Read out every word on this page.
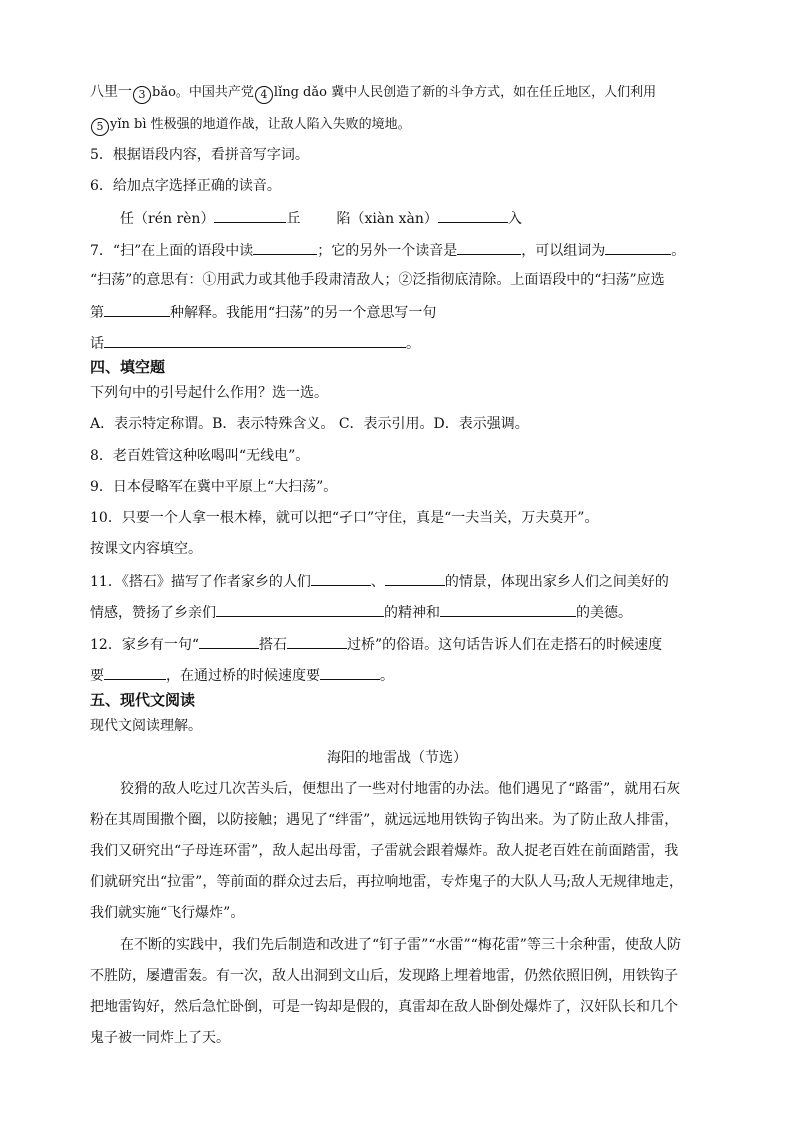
八里一 3 bǎo。中国共产党 4 lǐng dǎo 冀中人民创造了新的斗争方式，如在任丘地区，人们利用
5 yǐn bì 性极强的地道作战，让敌人陷入失败的境地。
5．根据语段内容，看拼音写字词。
6．给加点字选择正确的读音。
任（rén rèn）	丘	陷（xiàn xàn）	入
7．“扫”在上面的语段中读	；它的另外一个读音是	，可以组词为	。
“扫荡”的意思有：①用武力或其他手段肃清敌人；②泛指彻底清除。上面语段中的“扫荡”应选
第	种解释。我能用“扫荡”的另一个意思写一句
话	。
四、填空题
下列句中的引号起什么作用？选一选。
A．表示特定称谓。B．表示特殊含义。 C．表示引用。D．表示强调。
8．老百姓管这种吆喝叫“无线电”。
9．日本侵略军在冀中平原上“大扫荡”。
10．只要一个人拿一根木棒，就可以把“孑口”守住，真是“一夫当关，万夫莫开”。
按课文内容填空。
11．《搭石》描写了作者家乡的人们	、	的情景，体现出家乡人们之间美好的
情感，赞扬了乡亲们	的精神和	的美德。
12．家乡有一句“	搭石	过桥”的俗语。这句话告诉人们在走搭石的时候速度
要	，在通过桥的时候速度要	。
五、现代文阅读
现代文阅读理解。
海阳的地雷战（节选）
狡猾的敌人吃过几次苦头后，便想出了一些对付地雷的办法。他们遇见了“路雷”，就用石灰
粉在其周围撒个圈，以防接触；遇见了“绊雷”，就远远地用铁钩子钩出来。为了防止敌人排雷，
我们又研究出“子母连环雷”，敌人起出母雷，子雷就会跟着爆炸。敌人捉老百姓在前面踏雷，我
们就研究出“拉雷”，等前面的群众过去后，再拉响地雷，专炸鬼子的大队人马;敌人无规律地走，
我们就实施“飞行爆炸”。
在不断的实践中，我们先后制造和改进了“钉子雷”“水雷”“梅花雷”等三十余种雷，使敌人防
不胜防，屡遭雷轰。有一次，敌人出洞到文山后，发现路上埋着地雷，仍然依照旧例，用铁钩子
把地雷钩好，然后急忙卧倒，可是一钩却是假的，真雷却在敌人卧倒处爆炸了，汉奸队长和几个
鬼子被一同炸上了天。
